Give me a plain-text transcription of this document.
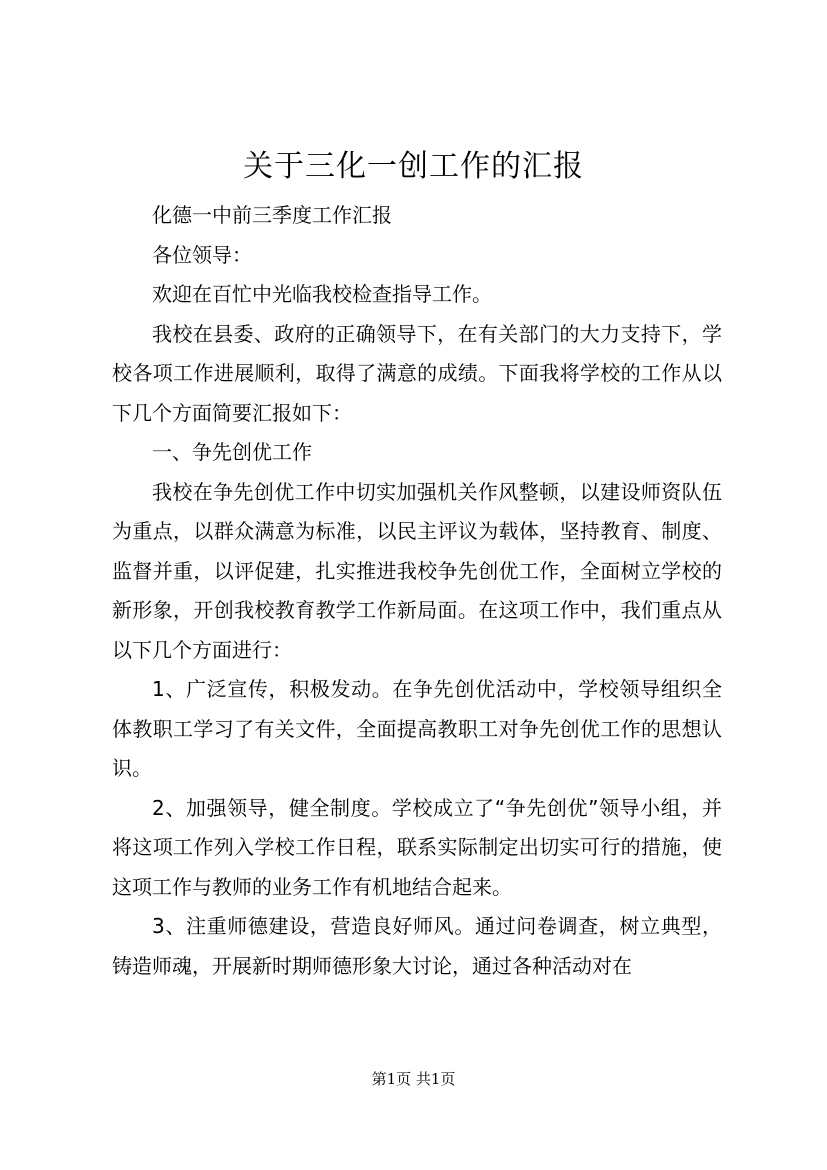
关于三化一创工作的汇报

化德一中前三季度工作汇报

各位领导：

欢迎在百忙中光临我校检查指导工作。

我校在县委、政府的正确领导下，在有关部门的大力支持下，学校各项工作进展顺利，取得了满意的成绩。下面我将学校的工作从以下几个方面简要汇报如下：

一、争先创优工作

我校在争先创优工作中切实加强机关作风整顿，以建设师资队伍为重点，以群众满意为标准，以民主评议为载体，坚持教育、制度、监督并重，以评促建，扎实推进我校争先创优工作，全面树立学校的新形象，开创我校教育教学工作新局面。在这项工作中，我们重点从以下几个方面进行：

1、广泛宣传，积极发动。在争先创优活动中，学校领导组织全体教职工学习了有关文件，全面提高教职工对争先创优工作的思想认识。

2、加强领导，健全制度。学校成立了“争先创优”领导小组，并将这项工作列入学校工作日程，联系实际制定出切实可行的措施，使这项工作与教师的业务工作有机地结合起来。

3、注重师德建设，营造良好师风。通过问卷调查，树立典型，铸造师魂，开展新时期师德形象大讨论，通过各种活动对在

第1页 共1页
